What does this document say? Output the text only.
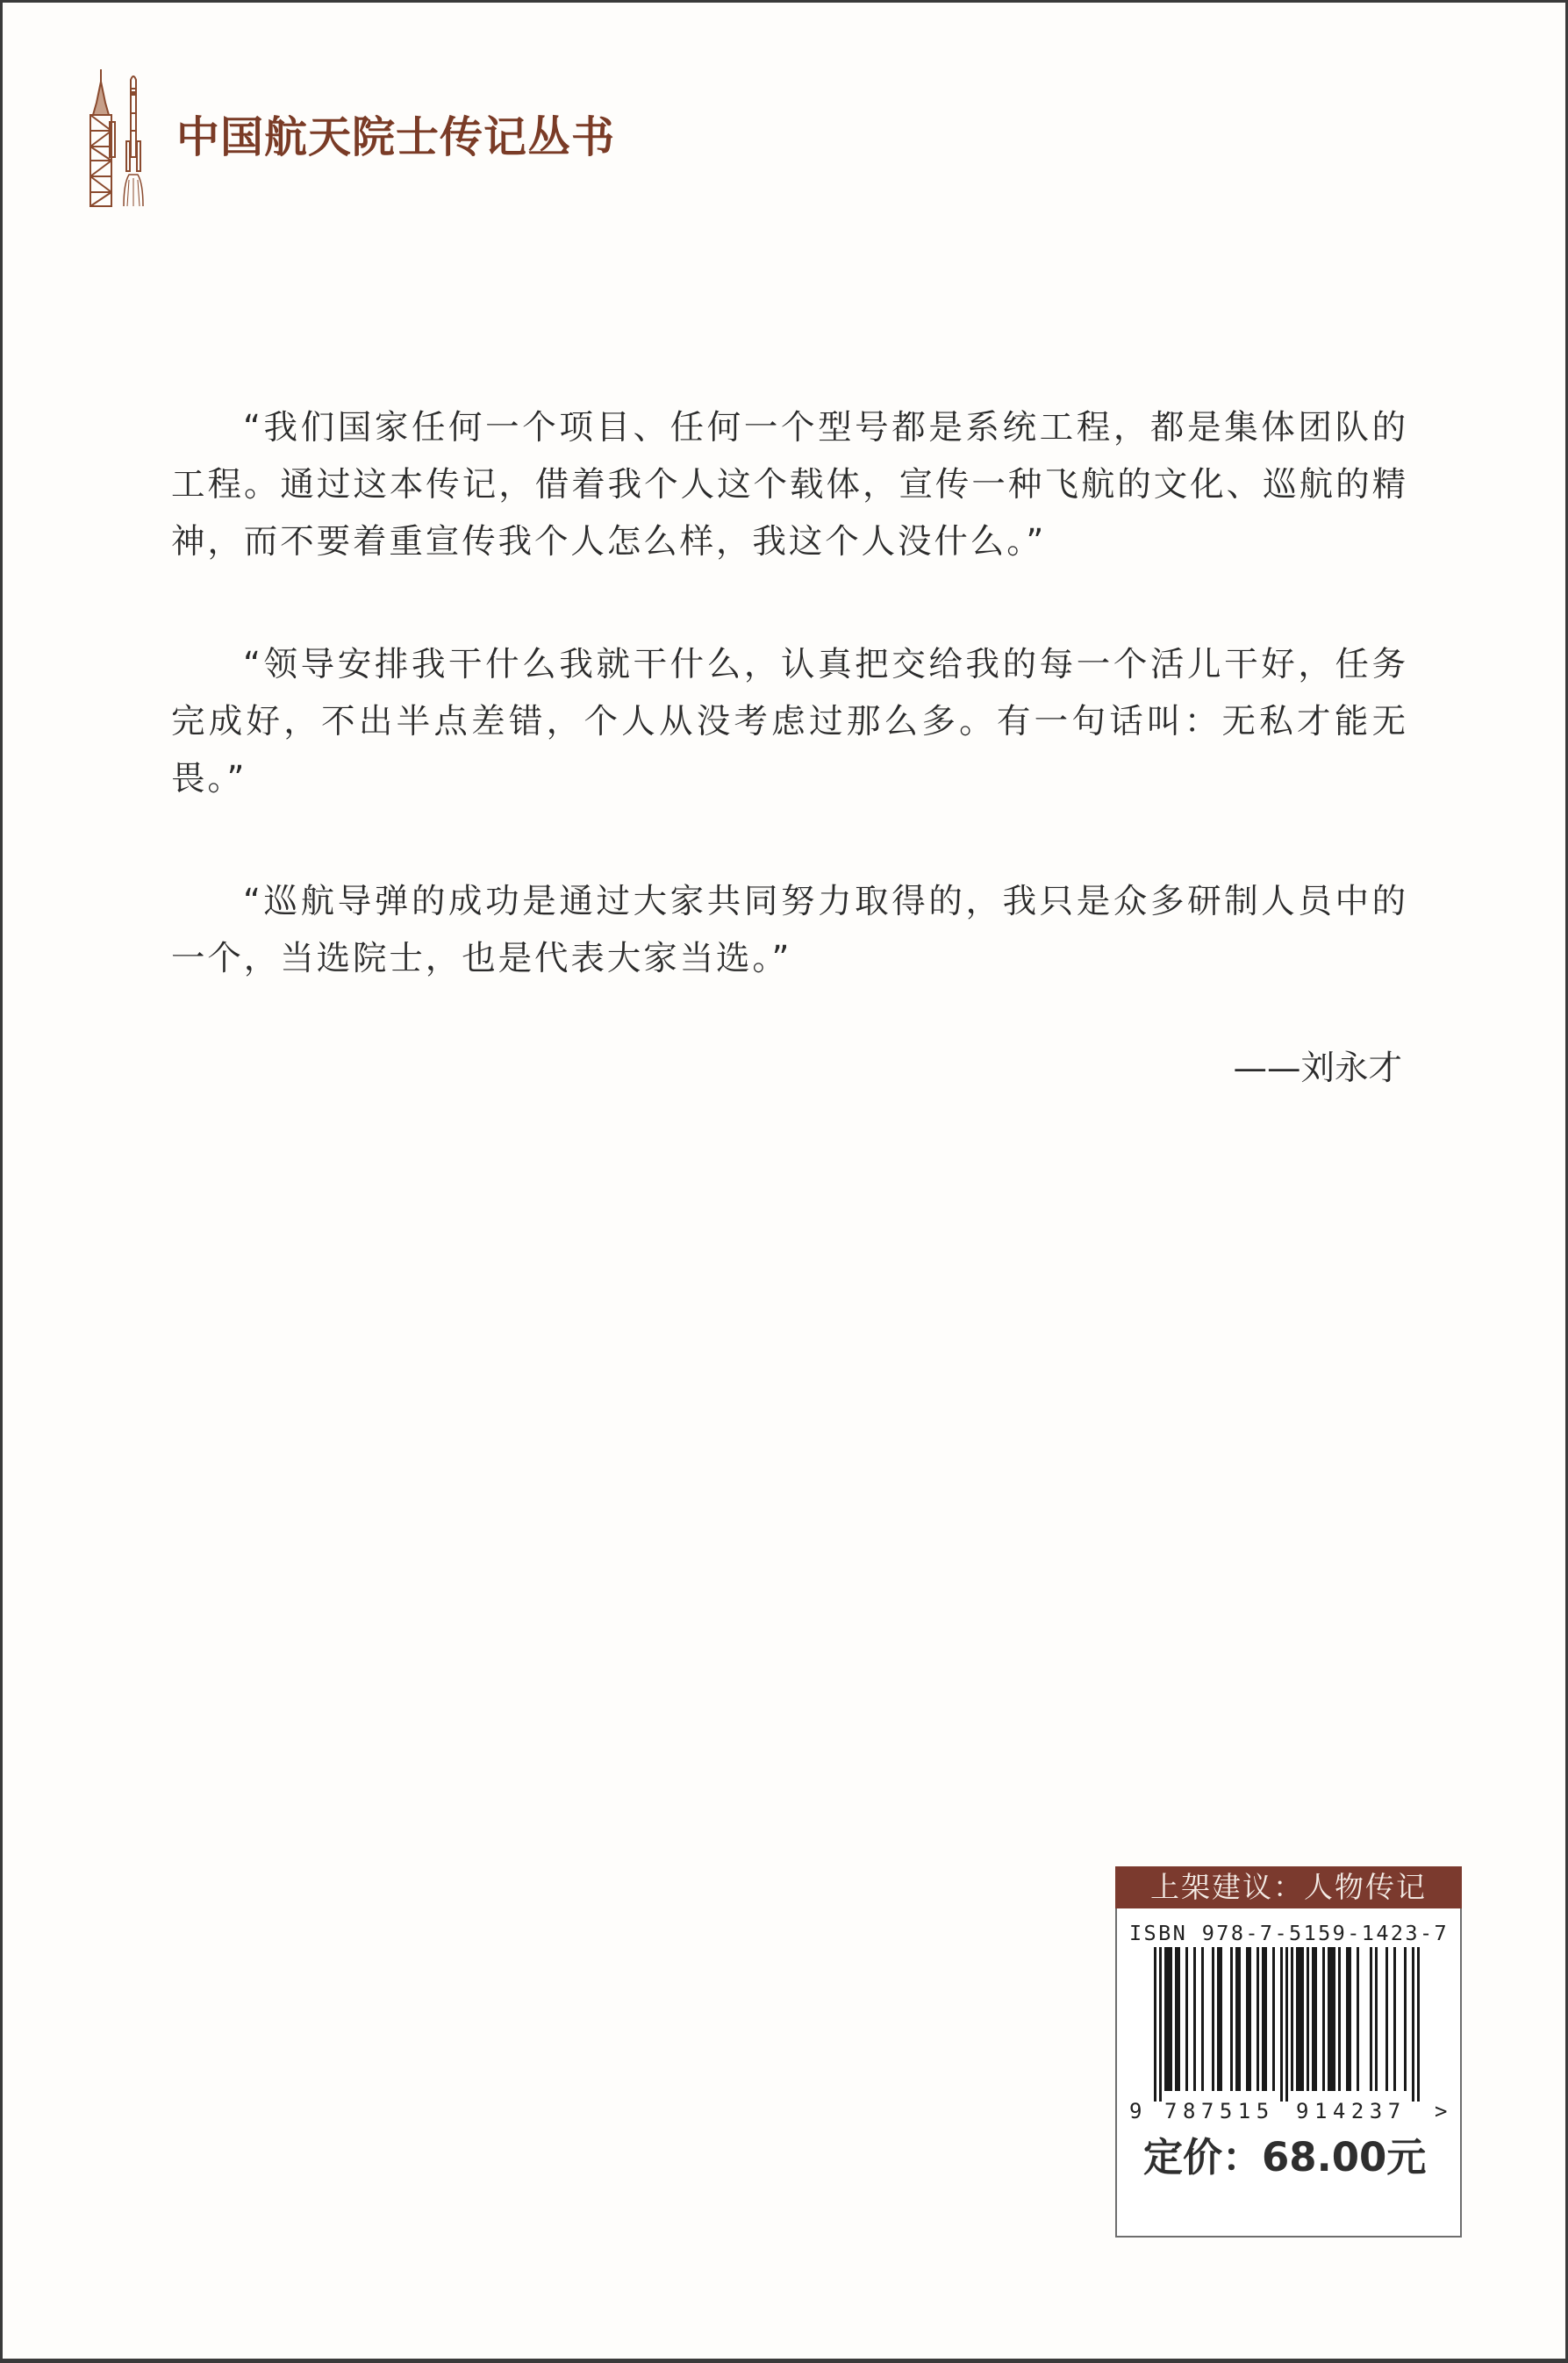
中国航天院士传记丛书

“我们国家任何一个项目、任何一个型号都是系统工程，都是集体团队的工程。通过这本传记，借着我个人这个载体，宣传一种飞航的文化、巡航的精神，而不要着重宣传我个人怎么样，我这个人没什么。”

“领导安排我干什么我就干什么，认真把交给我的每一个活儿干好，任务完成好，不出半点差错，个人从没考虑过那么多。有一句话叫：无私才能无畏。”

“巡航导弹的成功是通过大家共同努力取得的，我只是众多研制人员中的一个，当选院士，也是代表大家当选。”

——刘永才
上架建议：人物传记
ISBN 978-7-5159-1423-7
9 787515 914237 >
定价：68.00元
